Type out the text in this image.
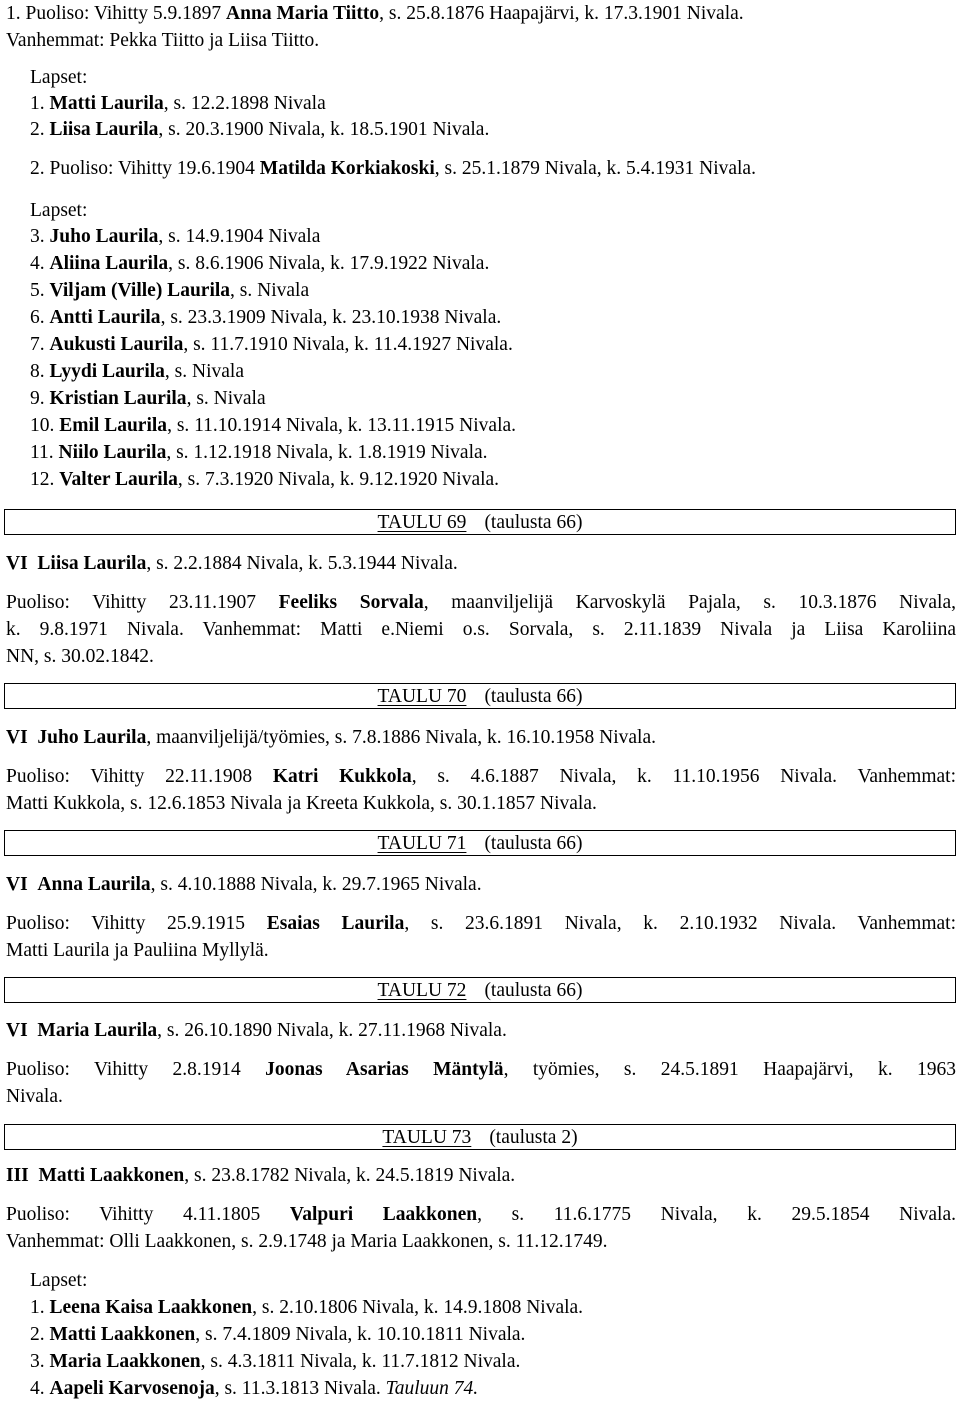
1. Puoliso: Vihitty 5.9.1897 Anna Maria Tiitto, s. 25.8.1876 Haapajärvi, k. 17.3.1901 Nivala.
Vanhemmat: Pekka Tiitto ja Liisa Tiitto.
Lapset:
1. Matti Laurila, s. 12.2.1898 Nivala
2. Liisa Laurila, s. 20.3.1900 Nivala, k. 18.5.1901 Nivala.
2. Puoliso: Vihitty 19.6.1904 Matilda Korkiakoski, s. 25.1.1879 Nivala, k. 5.4.1931 Nivala.
Lapset:
3. Juho Laurila, s. 14.9.1904 Nivala
4. Aliina Laurila, s. 8.6.1906 Nivala, k. 17.9.1922 Nivala.
5. Viljam (Ville) Laurila, s. Nivala
6. Antti Laurila, s. 23.3.1909 Nivala, k. 23.10.1938 Nivala.
7. Aukusti Laurila, s. 11.7.1910 Nivala, k. 11.4.1927 Nivala.
8. Lyydi Laurila, s. Nivala
9. Kristian Laurila, s. Nivala
10. Emil Laurila, s. 11.10.1914 Nivala, k. 13.11.1915 Nivala.
11. Niilo Laurila, s. 1.12.1918 Nivala, k. 1.8.1919 Nivala.
12. Valter Laurila, s. 7.3.1920 Nivala, k. 9.12.1920 Nivala.
TAULU 69 (taulusta 66)
VI Liisa Laurila, s. 2.2.1884 Nivala, k. 5.3.1944 Nivala.
Puoliso: Vihitty 23.11.1907 Feeliks Sorvala, maanviljelijä Karvoskylä Pajala, s. 10.3.1876 Nivala,
k. 9.8.1971 Nivala. Vanhemmat: Matti e.Niemi o.s. Sorvala, s. 2.11.1839 Nivala ja Liisa Karoliina
NN, s. 30.02.1842.
TAULU 70 (taulusta 66)
VI Juho Laurila, maanviljelijä/työmies, s. 7.8.1886 Nivala, k. 16.10.1958 Nivala.
Puoliso: Vihitty 22.11.1908 Katri Kukkola, s. 4.6.1887 Nivala, k. 11.10.1956 Nivala. Vanhemmat:
Matti Kukkola, s. 12.6.1853 Nivala ja Kreeta Kukkola, s. 30.1.1857 Nivala.
TAULU 71 (taulusta 66)
VI Anna Laurila, s. 4.10.1888 Nivala, k. 29.7.1965 Nivala.
Puoliso: Vihitty 25.9.1915 Esaias Laurila, s. 23.6.1891 Nivala, k. 2.10.1932 Nivala. Vanhemmat:
Matti Laurila ja Pauliina Myllylä.
TAULU 72 (taulusta 66)
VI Maria Laurila, s. 26.10.1890 Nivala, k. 27.11.1968 Nivala.
Puoliso: Vihitty 2.8.1914 Joonas Asarias Mäntylä, työmies, s. 24.5.1891 Haapajärvi, k. 1963
Nivala.
TAULU 73 (taulusta 2)
III Matti Laakkonen, s. 23.8.1782 Nivala, k. 24.5.1819 Nivala.
Puoliso: Vihitty 4.11.1805 Valpuri Laakkonen, s. 11.6.1775 Nivala, k. 29.5.1854 Nivala.
Vanhemmat: Olli Laakkonen, s. 2.9.1748 ja Maria Laakkonen, s. 11.12.1749.
Lapset:
1. Leena Kaisa Laakkonen, s. 2.10.1806 Nivala, k. 14.9.1808 Nivala.
2. Matti Laakkonen, s. 7.4.1809 Nivala, k. 10.10.1811 Nivala.
3. Maria Laakkonen, s. 4.3.1811 Nivala, k. 11.7.1812 Nivala.
4. Aapeli Karvosenoja, s. 11.3.1813 Nivala. Tauluun 74.
